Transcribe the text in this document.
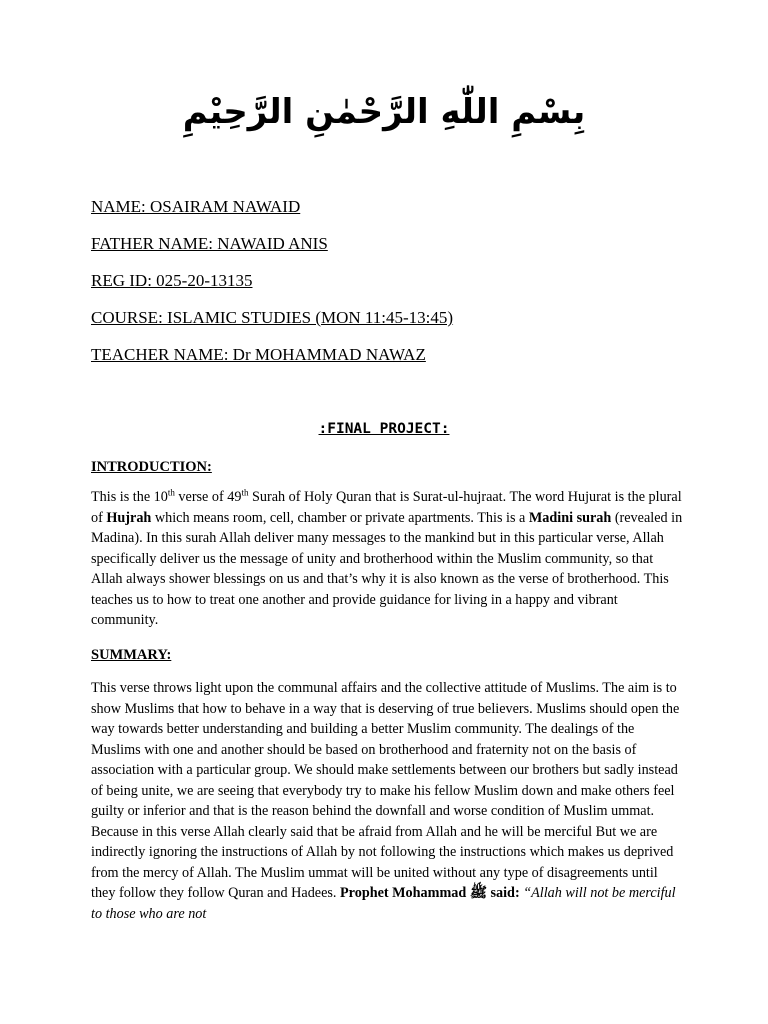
بِسْمِ اللّٰهِ الرَّحْمٰنِ الرَّحِيْمِ
NAME: OSAIRAM NAWAID
FATHER NAME: NAWAID ANIS
REG ID: 025-20-13135
COURSE: ISLAMIC STUDIES (MON 11:45-13:45)
TEACHER NAME: Dr MOHAMMAD NAWAZ
:FINAL PROJECT:
INTRODUCTION:
This is the 10th verse of 49th Surah of Holy Quran that is Surat-ul-hujraat. The word Hujurat is the plural of Hujrah which means room, cell, chamber or private apartments. This is a Madini surah (revealed in Madina). In this surah Allah deliver many messages to the mankind but in this particular verse, Allah specifically deliver us the message of unity and brotherhood within the Muslim community, so that Allah always shower blessings on us and that’s why it is also known as the verse of brotherhood. This teaches us to how to treat one another and provide guidance for living in a happy and vibrant community.
SUMMARY:
This verse throws light upon the communal affairs and the collective attitude of Muslims. The aim is to show Muslims that how to behave in a way that is deserving of true believers. Muslims should open the way towards better understanding and building a better Muslim community. The dealings of the Muslims with one and another should be based on brotherhood and fraternity not on the basis of association with a particular group. We should make settlements between our brothers but sadly instead of being unite, we are seeing that everybody try to make his fellow Muslim down and make others feel guilty or inferior and that is the reason behind the downfall and worse condition of Muslim ummat. Because in this verse Allah clearly said that be afraid from Allah and he will be merciful But we are indirectly ignoring the instructions of Allah by not following the instructions which makes us deprived from the mercy of Allah. The Muslim ummat will be united without any type of disagreements until they follow they follow Quran and Hadees. Prophet Mohammad ﷺ said: “Allah will not be merciful to those who are not
